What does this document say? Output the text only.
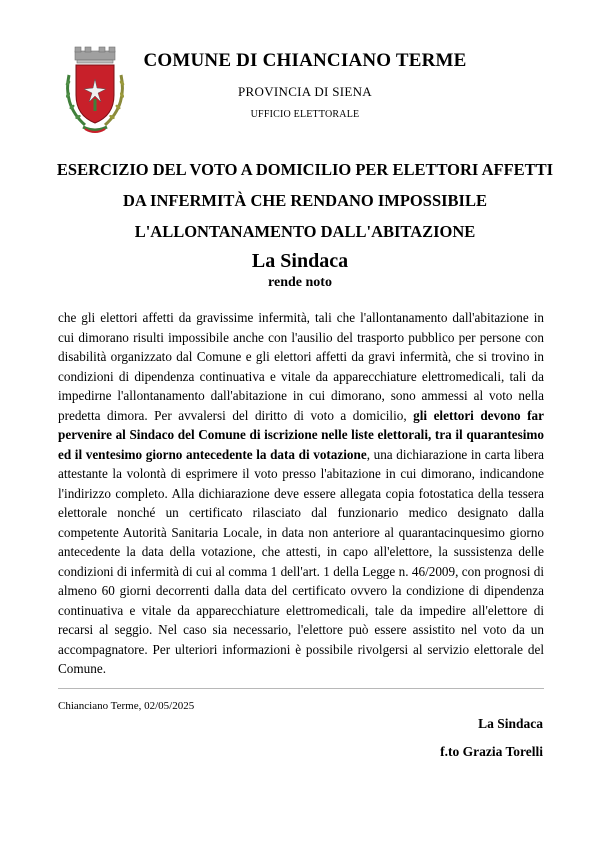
COMUNE DI CHIANCIANO TERME
PROVINCIA DI SIENA
UFFICIO ELETTORALE
ESERCIZIO DEL VOTO A DOMICILIO PER ELETTORI AFFETTI
DA INFERMITÀ CHE RENDANO IMPOSSIBILE
L'ALLONTANAMENTO DALL'ABITAZIONE
La Sindaca
rende noto

che gli elettori affetti da gravissime infermità, tali che l'allontanamento dall'abitazione in cui dimorano risulti impossibile anche con l'ausilio del trasporto pubblico per persone con disabilità organizzato dal Comune e gli elettori affetti da gravi infermità, che si trovino in condizioni di dipendenza continuativa e vitale da apparecchiature elettromedicali, tali da impedirne l'allontanamento dall'abitazione in cui dimorano, sono ammessi al voto nella predetta dimora. Per avvalersi del diritto di voto a domicilio, gli elettori devono far pervenire al Sindaco del Comune di iscrizione nelle liste elettorali, tra il quarantesimo ed il ventesimo giorno antecedente la data di votazione, una dichiarazione in carta libera attestante la volontà di esprimere il voto presso l'abitazione in cui dimorano, indicandone l'indirizzo completo. Alla dichiarazione deve essere allegata copia fotostatica della tessera elettorale nonché un certificato rilasciato dal funzionario medico designato dalla competente Autorità Sanitaria Locale, in data non anteriore al quarantacinquesimo giorno antecedente la data della votazione, che attesti, in capo all'elettore, la sussistenza delle condizioni di infermità di cui al comma 1 dell'art. 1 della Legge n. 46/2009, con prognosi di almeno 60 giorni decorrenti dalla data del certificato ovvero la condizione di dipendenza continuativa e vitale da apparecchiature elettromedicali, tale da impedire all'elettore di recarsi al seggio. Nel caso sia necessario, l'elettore può essere assistito nel voto da un accompagnatore. Per ulteriori informazioni è possibile rivolgersi al servizio elettorale del Comune.

Chianciano Terme, 02/05/2025
La Sindaca
f.to Grazia Torelli
